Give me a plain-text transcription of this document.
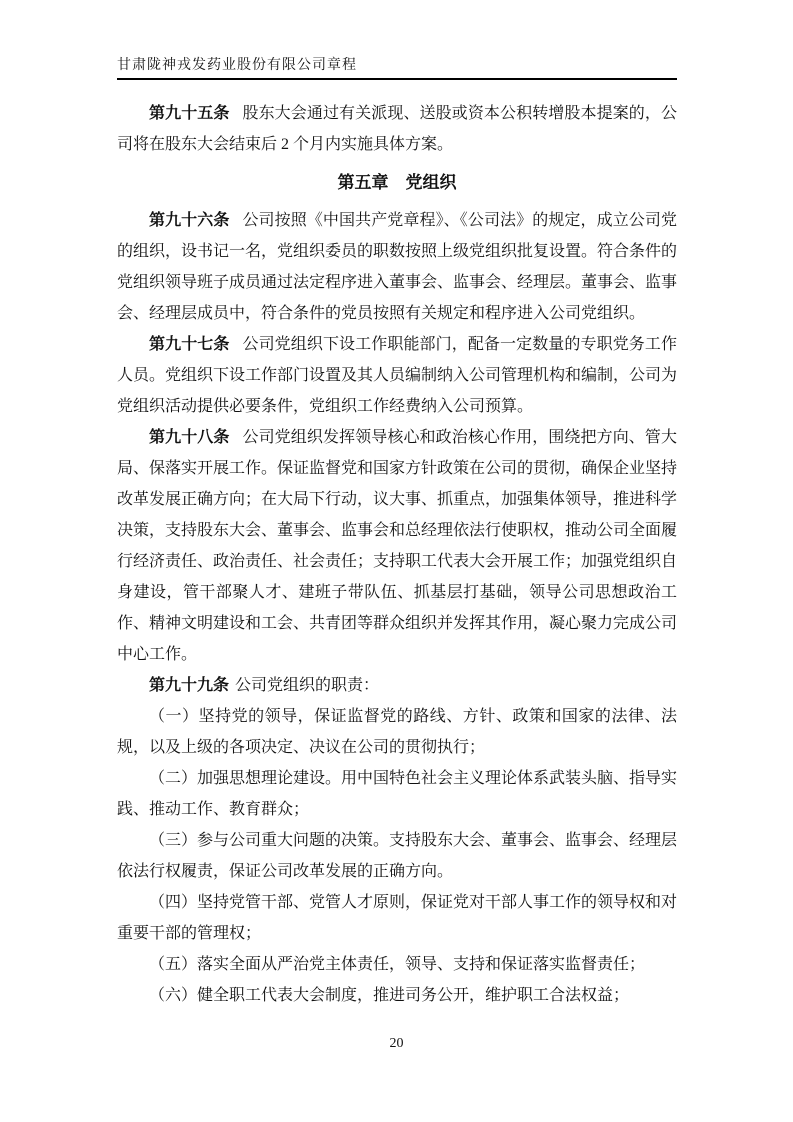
甘肃陇神戎发药业股份有限公司章程

第九十五条 股东大会通过有关派现、送股或资本公积转增股本提案的，公司将在股东大会结束后 2 个月内实施具体方案。

第五章　党组织

第九十六条 公司按照《中国共产党章程》、《公司法》的规定，成立公司党的组织，设书记一名，党组织委员的职数按照上级党组织批复设置。符合条件的党组织领导班子成员通过法定程序进入董事会、监事会、经理层。董事会、监事会、经理层成员中，符合条件的党员按照有关规定和程序进入公司党组织。

第九十七条 公司党组织下设工作职能部门，配备一定数量的专职党务工作人员。党组织下设工作部门设置及其人员编制纳入公司管理机构和编制，公司为党组织活动提供必要条件，党组织工作经费纳入公司预算。

第九十八条 公司党组织发挥领导核心和政治核心作用，围绕把方向、管大局、保落实开展工作。保证监督党和国家方针政策在公司的贯彻，确保企业坚持改革发展正确方向；在大局下行动，议大事、抓重点，加强集体领导，推进科学决策，支持股东大会、董事会、监事会和总经理依法行使职权，推动公司全面履行经济责任、政治责任、社会责任；支持职工代表大会开展工作；加强党组织自身建设，管干部聚人才、建班子带队伍、抓基层打基础，领导公司思想政治工作、精神文明建设和工会、共青团等群众组织并发挥其作用，凝心聚力完成公司中心工作。

第九十九条 公司党组织的职责：

（一）坚持党的领导，保证监督党的路线、方针、政策和国家的法律、法规，以及上级的各项决定、决议在公司的贯彻执行；

（二）加强思想理论建设。用中国特色社会主义理论体系武装头脑、指导实践、推动工作、教育群众；

（三）参与公司重大问题的决策。支持股东大会、董事会、监事会、经理层依法行权履责，保证公司改革发展的正确方向。

（四）坚持党管干部、党管人才原则，保证党对干部人事工作的领导权和对重要干部的管理权；

（五）落实全面从严治党主体责任，领导、支持和保证落实监督责任；

（六）健全职工代表大会制度，推进司务公开，维护职工合法权益；

20
